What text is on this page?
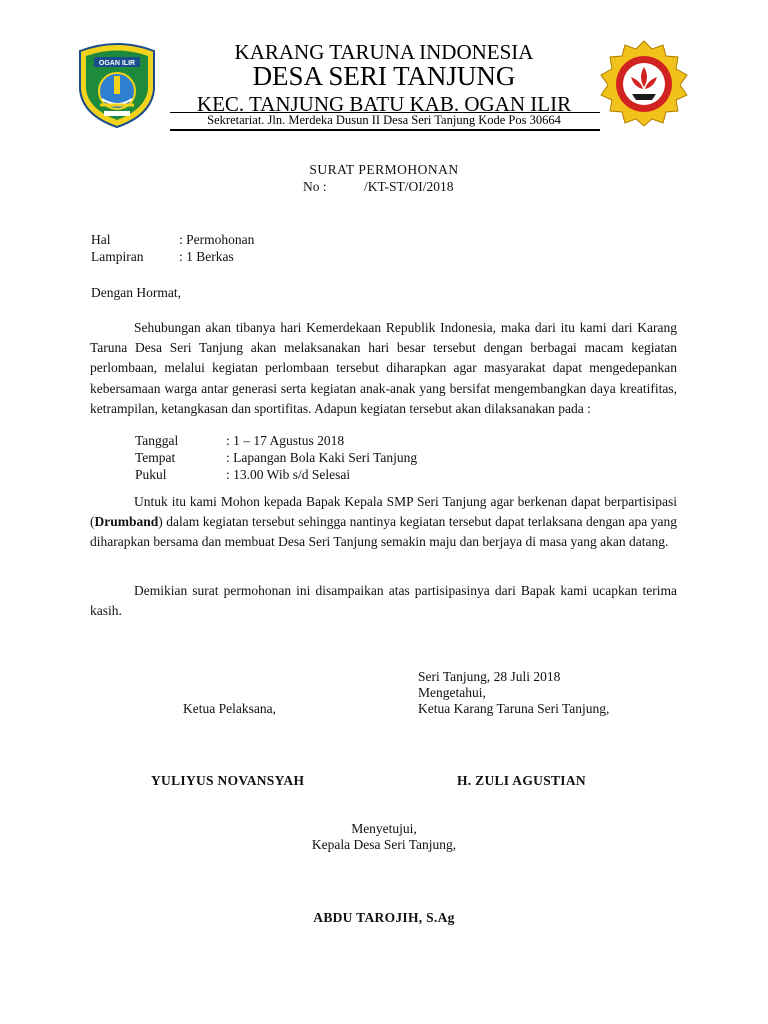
OGAN ILIR	KARANG TARUNA INDONESIA
DESA SERI TANJUNG
KEC. TANJUNG BATU KAB. OGAN ILIR
Sekretariat. Jln. Merdeka Dusun II Desa Seri Tanjung Kode Pos 30664
SURAT PERMOHONAN
No :	/KT-ST/OI/2018
Hal	: Permohonan
Lampiran	: 1 Berkas
Dengan Hormat,
Sehubungan akan tibanya hari Kemerdekaan Republik Indonesia, maka dari itu kami dari Karang Taruna Desa Seri Tanjung akan melaksanakan hari besar tersebut dengan berbagai macam kegiatan perlombaan, melalui kegiatan perlombaan tersebut diharapkan agar masyarakat dapat mengedepankan kebersamaan warga antar generasi serta kegiatan anak-anak yang bersifat mengembangkan daya kreatifitas, ketrampilan, ketangkasan dan sportifitas. Adapun kegiatan tersebut akan dilaksanakan pada :
Tanggal	: 1 – 17 Agustus 2018
Tempat	: Lapangan Bola Kaki Seri Tanjung
Pukul	: 13.00 Wib s/d Selesai
Untuk itu kami Mohon kepada Bapak Kepala SMP Seri Tanjung agar berkenan dapat berpartisipasi (Drumband) dalam kegiatan tersebut sehingga nantinya kegiatan tersebut dapat terlaksana dengan apa yang diharapkan bersama dan membuat Desa Seri Tanjung semakin maju dan berjaya di masa yang akan datang.
Demikian surat permohonan ini disampaikan atas partisipasinya dari Bapak kami ucapkan terima kasih.
Seri Tanjung, 28 Juli 2018
Mengetahui,
Ketua Pelaksana,	Ketua Karang Taruna Seri Tanjung,
YULIYUS NOVANSYAH	H. ZULI AGUSTIAN
Menyetujui,
Kepala Desa Seri Tanjung,
ABDU TAROJIH, S.Ag
